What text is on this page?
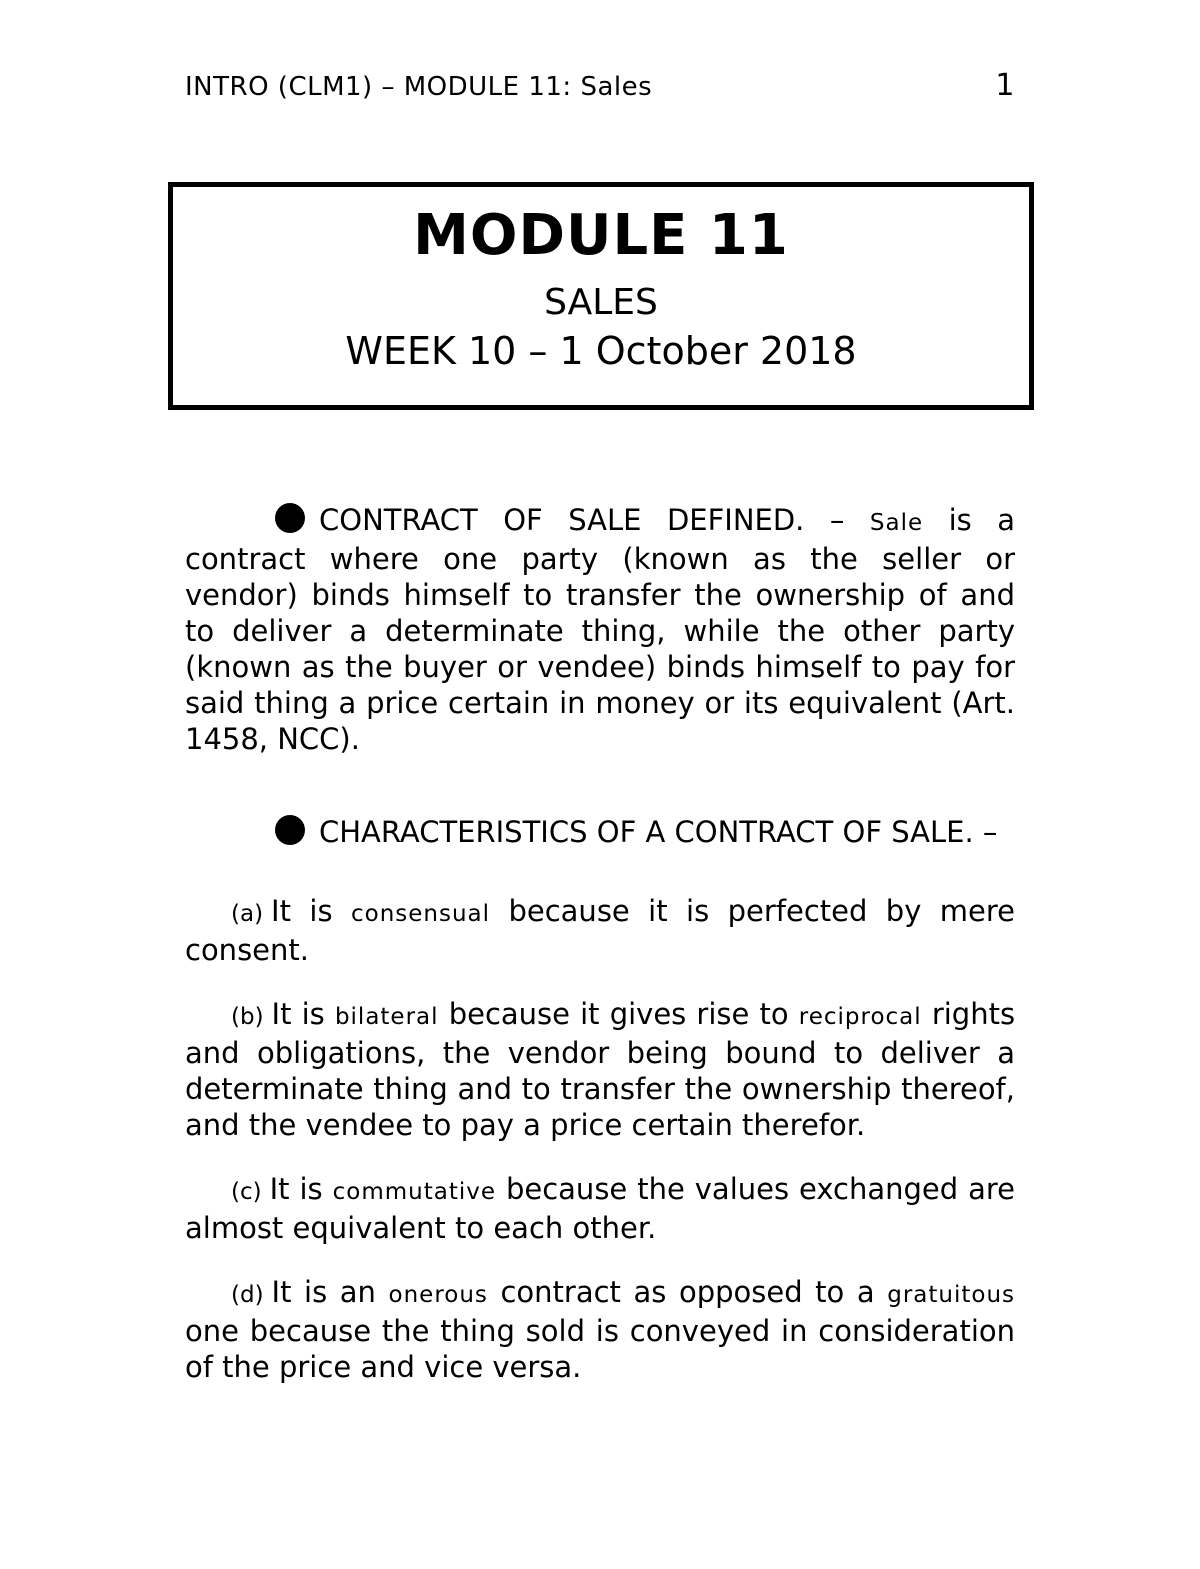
INTRO (CLM1) – MODULE 11: Sales	1
MODULE 11
SALES
WEEK 10 – 1 October 2018

CONTRACT OF SALE DEFINED. – Sale is a contract where one party (known as the seller or vendor) binds himself to transfer the ownership of and to deliver a determinate thing, while the other party (known as the buyer or vendee) binds himself to pay for said thing a price certain in money or its equivalent (Art. 1458, NCC).

CHARACTERISTICS OF A CONTRACT OF SALE. –

(a) It is consensual because it is perfected by mere consent.

(b) It is bilateral because it gives rise to reciprocal rights and obligations, the vendor being bound to deliver a determinate thing and to transfer the ownership thereof, and the vendee to pay a price certain therefor.

(c) It is commutative because the values exchanged are almost equivalent to each other.

(d) It is an onerous contract as opposed to a gratuitous one because the thing sold is conveyed in consideration of the price and vice versa.
